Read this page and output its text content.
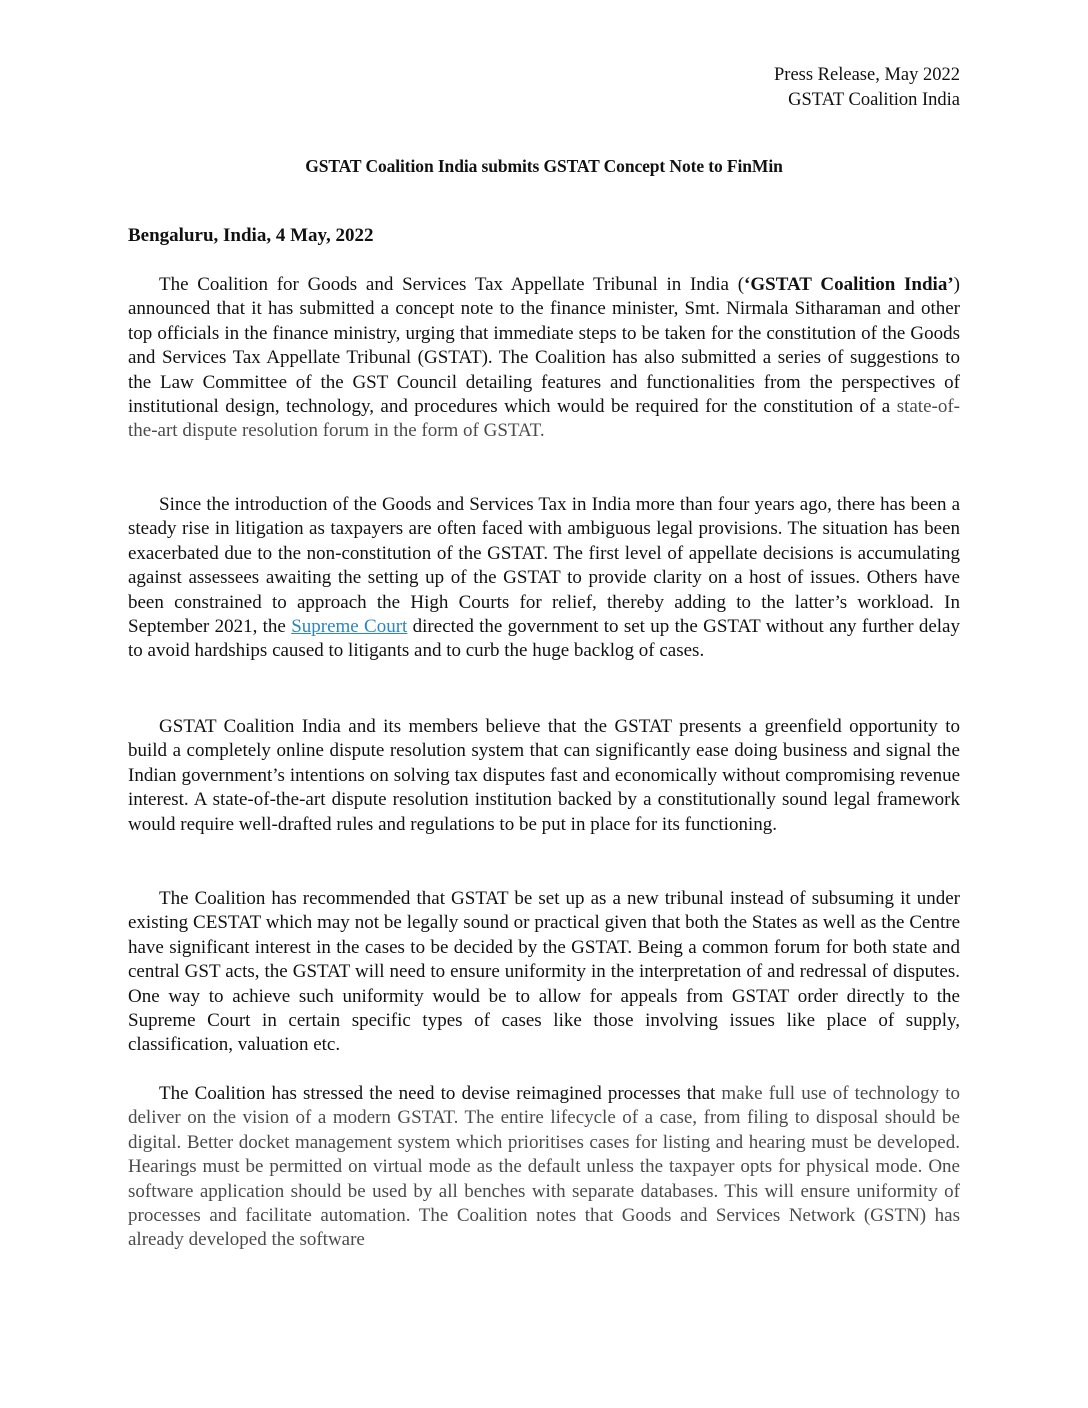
Press Release, May 2022
GSTAT Coalition India
GSTAT Coalition India submits GSTAT Concept Note to FinMin
Bengaluru, India, 4 May, 2022

The Coalition for Goods and Services Tax Appellate Tribunal in India (‘GSTAT Coalition India’) announced that it has submitted a concept note to the finance minister, Smt. Nirmala Sitharaman and other top officials in the finance ministry, urging that immediate steps to be taken for the constitution of the Goods and Services Tax Appellate Tribunal (GSTAT). The Coalition has also submitted a series of suggestions to the Law Committee of the GST Council detailing features and functionalities from the perspectives of institutional design, technology, and procedures which would be required for the constitution of a state-of-the-art dispute resolution forum in the form of GSTAT.

Since the introduction of the Goods and Services Tax in India more than four years ago, there has been a steady rise in litigation as taxpayers are often faced with ambiguous legal provisions. The situation has been exacerbated due to the non-constitution of the GSTAT. The first level of appellate decisions is accumulating against assessees awaiting the setting up of the GSTAT to provide clarity on a host of issues. Others have been constrained to approach the High Courts for relief, thereby adding to the latter’s workload. In September 2021, the Supreme Court directed the government to set up the GSTAT without any further delay to avoid hardships caused to litigants and to curb the huge backlog of cases.

GSTAT Coalition India and its members believe that the GSTAT presents a greenfield opportunity to build a completely online dispute resolution system that can significantly ease doing business and signal the Indian government’s intentions on solving tax disputes fast and economically without compromising revenue interest. A state-of-the-art dispute resolution institution backed by a constitutionally sound legal framework would require well-drafted rules and regulations to be put in place for its functioning.

The Coalition has recommended that GSTAT be set up as a new tribunal instead of subsuming it under existing CESTAT which may not be legally sound or practical given that both the States as well as the Centre have significant interest in the cases to be decided by the GSTAT. Being a common forum for both state and central GST acts, the GSTAT will need to ensure uniformity in the interpretation of and redressal of disputes. One way to achieve such uniformity would be to allow for appeals from GSTAT order directly to the Supreme Court in certain specific types of cases like those involving issues like place of supply, classification, valuation etc.

The Coalition has stressed the need to devise reimagined processes that make full use of technology to deliver on the vision of a modern GSTAT. The entire lifecycle of a case, from filing to disposal should be digital. Better docket management system which prioritises cases for listing and hearing must be developed. Hearings must be permitted on virtual mode as the default unless the taxpayer opts for physical mode. One software application should be used by all benches with separate databases. This will ensure uniformity of processes and facilitate automation. The Coalition notes that Goods and Services Network (GSTN) has already developed the software
